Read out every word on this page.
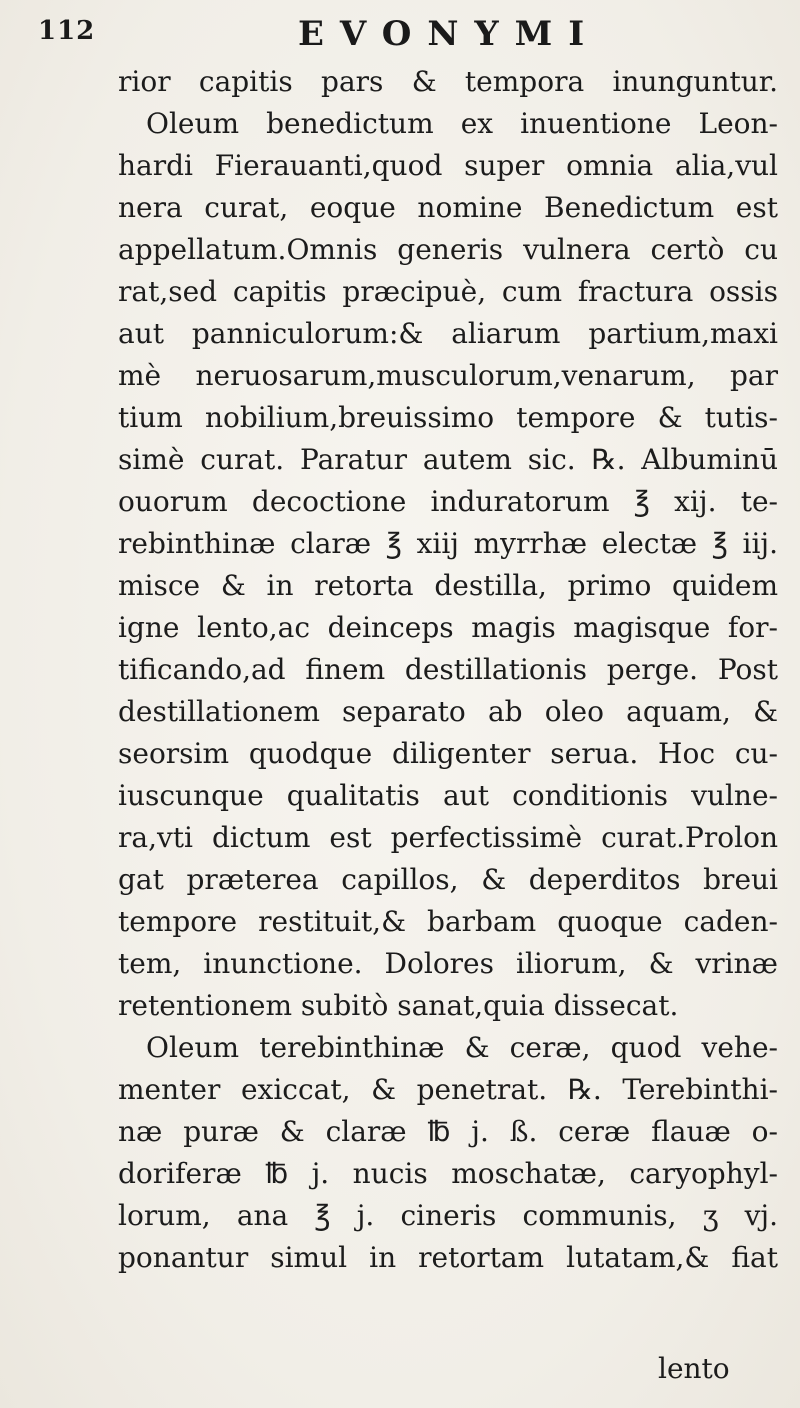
112	EVONYMI
rior capitis pars & tempora inunguntur.
Oleum benedictum ex inuentione Leon-
hardi Fierauanti,quod super omnia alia,vul
nera curat, eoque nomine Benedictum est
appellatum.Omnis generis vulnera certò cu
rat,sed capitis præcipuè, cum fractura ossis
aut panniculorum:& aliarum partium,maxi
mè neruosarum,musculorum,venarum, par
tium nobilium,breuissimo tempore & tutis-
simè curat. Paratur autem sic. ℞. Albuminū
ouorum decoctione induratorum ℥ xij. te-
rebinthinæ claræ ℥ xiij myrrhæ electæ ℥ iij.
misce & in retorta destilla, primo quidem
igne lento,ac deinceps magis magisque for-
tificando,ad finem destillationis perge. Post
destillationem separato ab oleo aquam, &
seorsim quodque diligenter serua. Hoc cu-
iuscunque qualitatis aut conditionis vulne-
ra,vti dictum est perfectissimè curat.Prolon
gat præterea capillos, & deperditos breui
tempore restituit,& barbam quoque caden-
tem, inunctione. Dolores iliorum, & vrinæ
retentionem subitò sanat,quia dissecat.
Oleum terebinthinæ & ceræ, quod vehe-
menter exiccat, & penetrat. ℞. Terebinthi-
næ puræ & claræ ℔ j. ß. ceræ flauæ o-
doriferæ ℔ j. nucis moschatæ, caryophyl-
lorum, ana ℥ j. cineris communis, ʒ vj.
ponantur simul in retortam lutatam,& fiat
lento
